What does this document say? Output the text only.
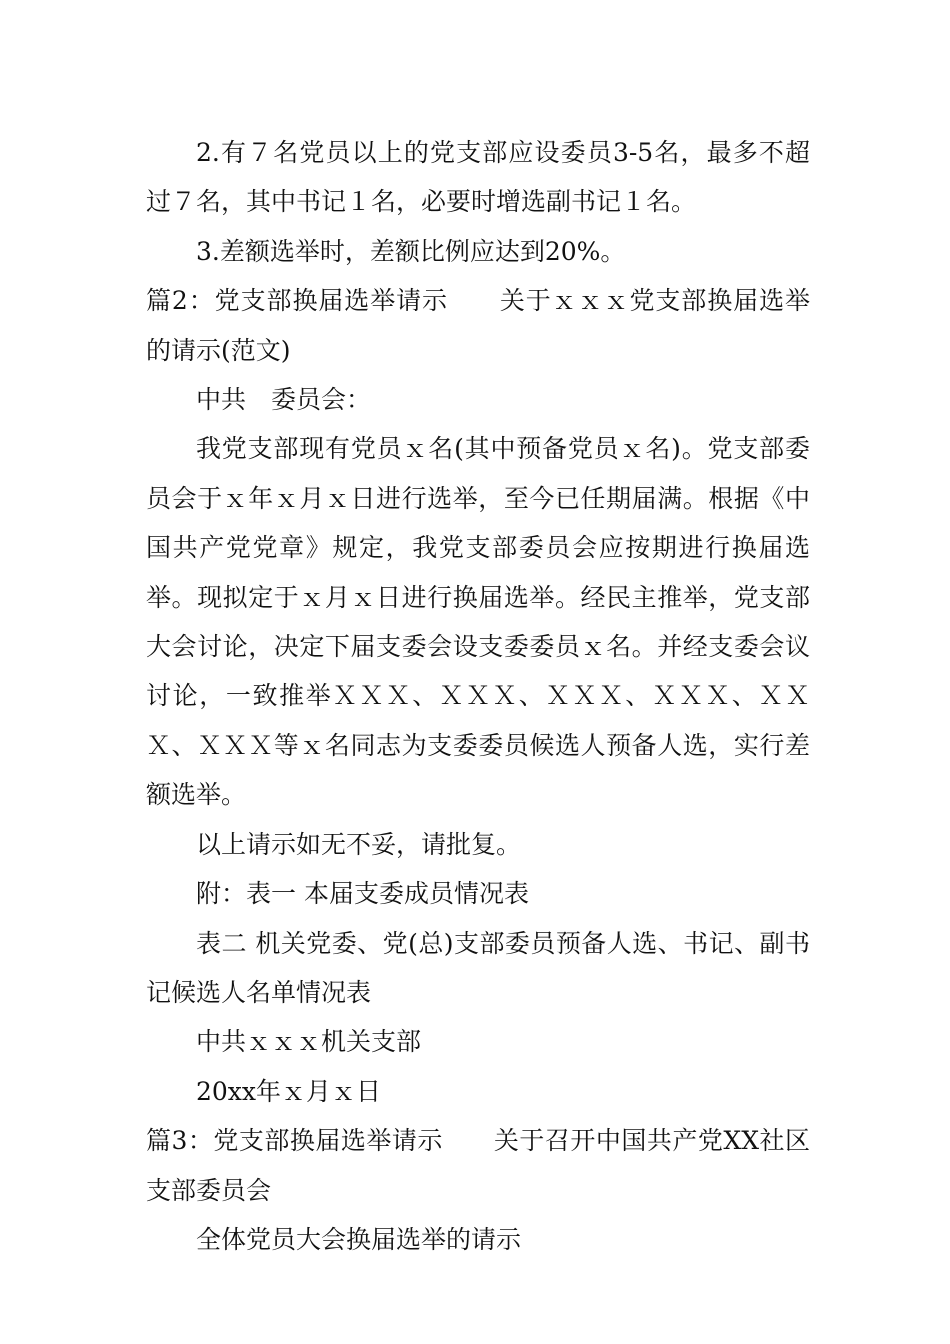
2.有７名党员以上的党支部应设委员3-5名，最多不超过７名，其中书记１名，必要时增选副书记１名。

3.差额选举时，差额比例应达到20%。

篇2：党支部换届选举请示　　关于ｘｘｘ党支部换届选举的请示(范文)

中共　委员会：

我党支部现有党员ｘ名(其中预备党员ｘ名)。党支部委员会于ｘ年ｘ月ｘ日进行选举，至今已任期届满。根据《中国共产党党章》规定，我党支部委员会应按期进行换届选举。现拟定于ｘ月ｘ日进行换届选举。经民主推举，党支部大会讨论，决定下届支委会设支委委员ｘ名。并经支委会议讨论，一致推举ＸＸＸ、ＸＸＸ、ＸＸＸ、ＸＸＸ、ＸＸＸ、ＸＸＸ等ｘ名同志为支委委员候选人预备人选，实行差额选举。

以上请示如无不妥，请批复。

附：表一 本届支委成员情况表

表二 机关党委、党(总)支部委员预备人选、书记、副书记候选人名单情况表

中共ｘｘｘ机关支部

20xx年ｘ月ｘ日

篇3：党支部换届选举请示　　关于召开中国共产党XX社区支部委员会

全体党员大会换届选举的请示
